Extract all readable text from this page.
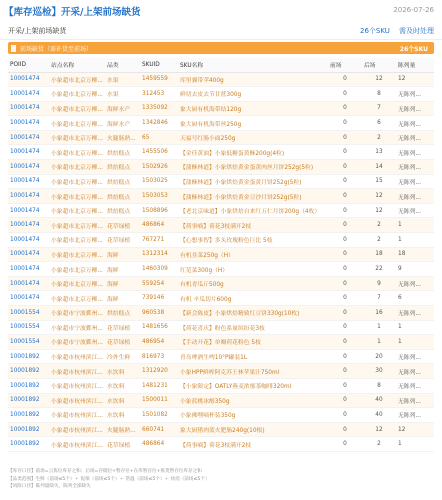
【库存巡检】开采/上架前场缺货	2026-07-26
开采/上架前场缺货	26个SKU 需及时处理
前场缺货（需补货至前场）	26个SKU
POIID	站点名称	品类	SKUID	SKU名称	前场	后场	陈列量
10001474	小象超市北京万柳...	水果	1459559	库里翼带苹400g	0	12	12
10001474	小象超市北京万柳...	水果	312453	鲜切去皮去节甘蔗300g	0	8	无陈列...
10001474	小象超市北京万柳...	海鲜水产	1335092	象大厨有机海带结120g	0	7	无陈列...
10001474	小象超市北京万柳...	海鲜水产	1342846	象大厨有机海带丝250g	0	6	无陈列...
10001474	小象超市北京万柳...	火腿肠熟...	65	天福号红肠小面250g	0	2	无陈列...
10001474	小象超市北京万柳...	烘焙糕点	1455506	【金佳黄油】小象低糖蛋黄酥200g(4粒)	0	13	无陈列...
10001474	小象超市北京万柳...	烘焙糕点	1502926	【蒲酥林道】小象烘焙黄金蛋黄肉丝月饼252g(5粒)	0	14	无陈列...
10001474	小象超市北京万柳...	烘焙糕点	1503025	【蒲酥林道】小象烘焙黄金蛋黄月饼252g(5粒)	0	15	无陈列...
10001474	小象超市北京万柳...	烘焙糕点	1503053	【蒲酥林道】小象烘焙黄金豆沙月饼252g(5粒)	0	12	无陈列...
10001474	小象超市北京万柳...	烘焙糕点	1508896	【老北京味道】小象烘焙自来红五仁月饼200g（4枚）	0	12	无陈列...
10001474	小象超市北京万柳...	花草绿植	486864	【荷事嘀】荷花3枝满开2枝	0	2	1
10001474	小象超市北京万柳...	花草绿植	767271	【心想事智】多头玫瑰粉色巨比 5枝	0	2	1
10001474	小象超市北京万柳...	海鲜	1312314	有机韭菜250g（H）	0	18	18
10001474	小象超市北京万柳...	海鲜	1460309	红苋菜300g（H）	0	22	9
10001474	小象超市北京万柳...	海鲜	559254	有机青瓜斤500g	0	9	无陈列...
10001474	小象超市北京万柳...	海鲜	739146	有机 辛瓜切片600g	0	7	6
10001554	小象超市宁波鄞州...	烘焙糕点	960538	【新会陈皮】小象烘焙精致红豆饼330g(10枚)	0	16	无陈列...
10001554	小象超市宁波鄞州...	花草绿植	1481656	【荷花喜庆】粉色系量缤纷花3枝	0	1	1
10001554	小象超市宁波鄞州...	花草绿植	486954	【手动开花】单瓣荷花粉色 5枝	0	1	1
10001892	小象超市杭州滨江...	冷外生鲜	816973	青岛啤酒生啤10°P罐装1L	0	20	无陈列...
10001892	小象超市杭州滨江...	水饮料	1312920	小象HPP鲜榨阿克苏王林苹果汁750ml	0	30	无陈列...
10001892	小象超市杭州滨江...	水饮料	1481231	【小象限定】OATLY燕麦浓郁茶咖啡320ml	0	8	无陈列...
10001892	小象超市杭州滨江...	水饮料	1500011	小象蓝桃冰醇350g	0	40	无陈列...
10001892	小象超市杭州滨江...	水饮料	1501082	小象佛嘿嘀杯装350g	0	40	无陈列...
10001892	小象超市杭州滨江...	火腿肠熟...	660741	象大厨猪肉蓝火肥肠240g(10根)	0	12	12
10001892	小象超市杭州滨江...	花草绿植	486864	【荷事嘀】荷花3枝满开2枝	0	2	1
【库存口径】前场=云拣位库存之和；后场=存储位+暂存位+在库暂存位+拣货暂存位库存之和
【品类范围】生鲜（前场≤5个）＋ 短保（前场≤5个）＋ 常温（前场≤5个）＋ 快消（前场≤5个）
【风险口径】陈列量缺失、陈列全部缺失
